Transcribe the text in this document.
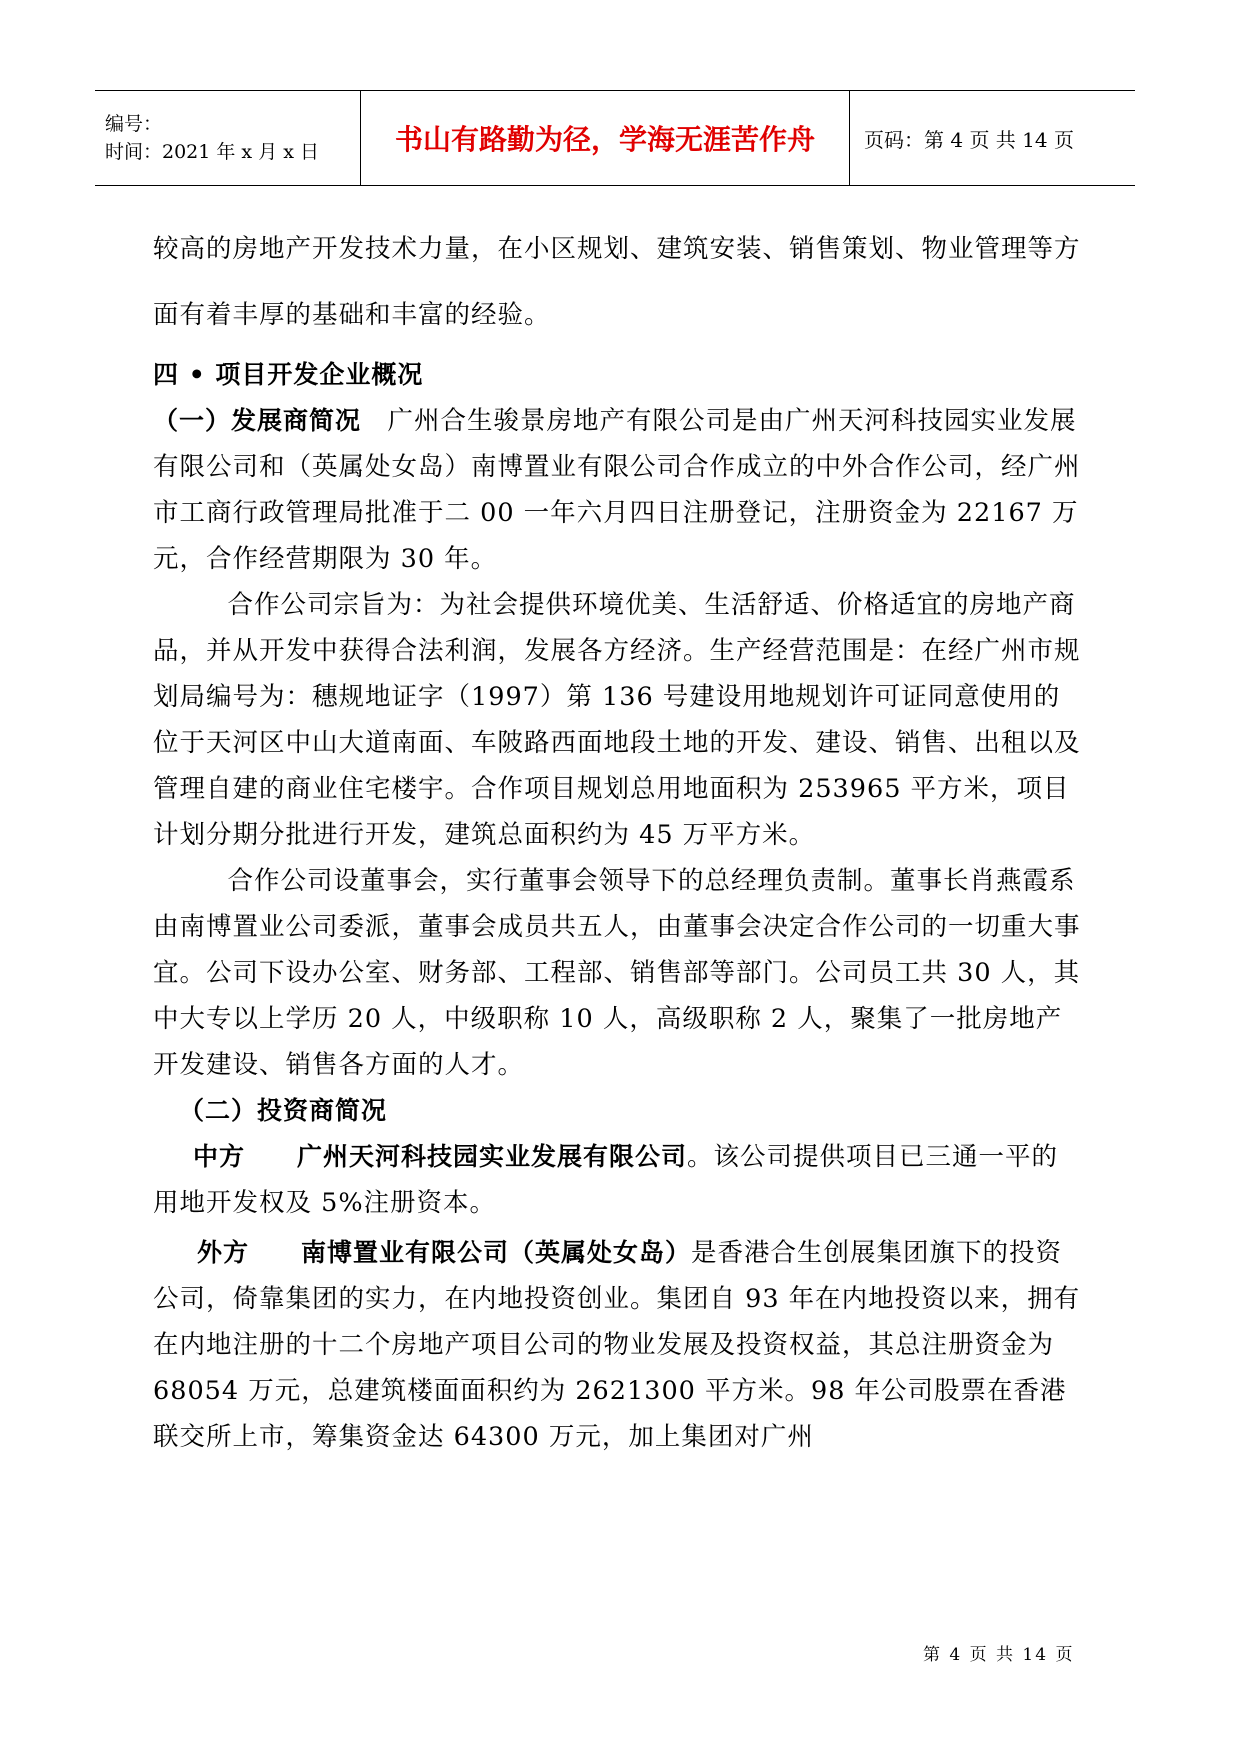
编号：
时间：2021 年 x 月 x 日	书山有路勤为径，学海无涯苦作舟	页码：第 4 页 共 14 页

较高的房地产开发技术力量，在小区规划、建筑安装、销售策划、物业管理等方面有着丰厚的基础和丰富的经验。

四 • 项目开发企业概况

（一）发展商简况　广州合生骏景房地产有限公司是由广州天河科技园实业发展有限公司和（英属处女岛）南博置业有限公司合作成立的中外合作公司，经广州市工商行政管理局批准于二 00 一年六月四日注册登记，注册资金为 22167 万元，合作经营期限为 30 年。

　合作公司宗旨为：为社会提供环境优美、生活舒适、价格适宜的房地产商品，并从开发中获得合法利润，发展各方经济。生产经营范围是：在经广州市规划局编号为：穗规地证字（1997）第 136 号建设用地规划许可证同意使用的位于天河区中山大道南面、车陂路西面地段土地的开发、建设、销售、出租以及管理自建的商业住宅楼宇。合作项目规划总用地面积为 253965 平方米，项目计划分期分批进行开发，建筑总面积约为 45 万平方米。

　合作公司设董事会，实行董事会领导下的总经理负责制。董事长肖燕霞系由南博置业公司委派，董事会成员共五人，由董事会决定合作公司的一切重大事宜。公司下设办公室、财务部、工程部、销售部等部门。公司员工共 30 人，其中大专以上学历 20 人，中级职称 10 人，高级职称 2 人，聚集了一批房地产开发建设、销售各方面的人才。

（二）投资商简况

中方　　 广州天河科技园实业发展有限公司。该公司提供项目已三通一平的用地开发权及 5%注册资本。

外方　　 南博置业有限公司（英属处女岛）是香港合生创展集团旗下的投资公司，倚靠集团的实力，在内地投资创业。集团自 93 年在内地投资以来，拥有在内地注册的十二个房地产项目公司的物业发展及投资权益，其总注册资金为 68054 万元，总建筑楼面面积约为 2621300 平方米。98 年公司股票在香港联交所上市，筹集资金达 64300 万元，加上集团对广州

第 4 页 共 14 页
